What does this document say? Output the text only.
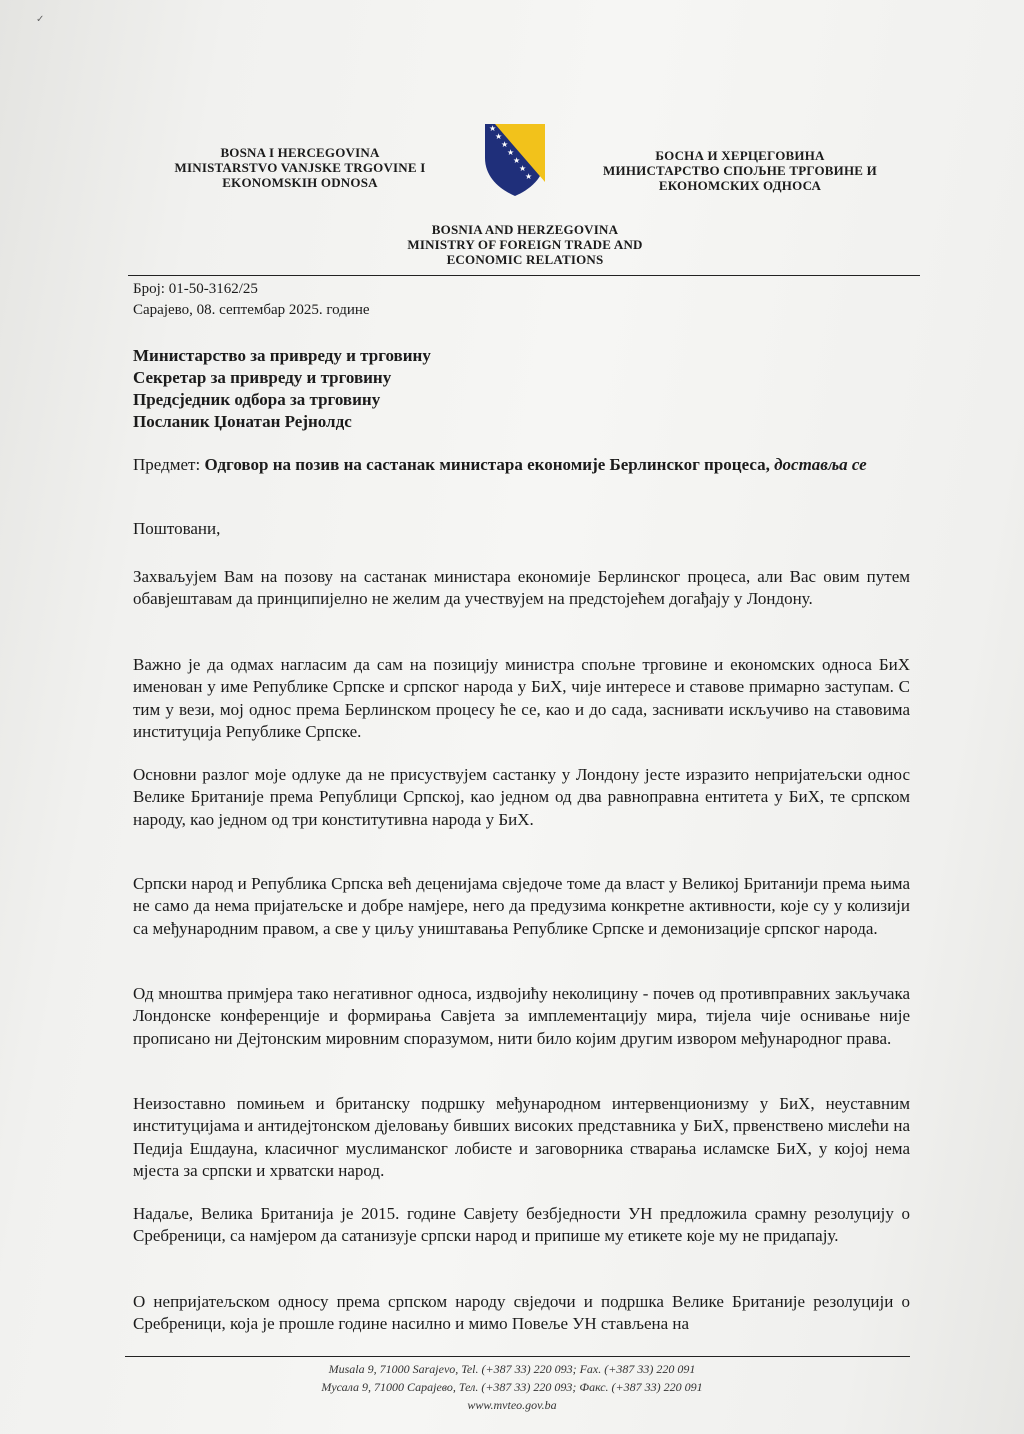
✓
BOSNA I HERCEGOVINA
MINISTARSTVO VANJSKE TRGOVINE I
EKONOMSKIH ODNOSA
★
★
★
★
★
★
★
БОСНА И ХЕРЦЕГОВИНА
МИНИСТАРСТВО СПОЉНЕ ТРГОВИНЕ И
ЕКОНОМСКИХ ОДНОСА
BOSNIA AND HERZEGOVINA
MINISTRY OF FOREIGN TRADE AND
ECONOMIC RELATIONS
Број: 01-50-3162/25
Сарајево, 08. септембар 2025. године
Министарство за привреду и трговину
Секретар за привреду и трговину
Предсједник одбора за трговину
Посланик Џонатан Рејнолдс
Предмет: Одговор на позив на састанак министара економије Берлинског процеса, доставља се
Поштовани,
Захваљујем Вам на позову на састанак министара економије Берлинског процеса, али Вас овим путем обавјештавам да принципијелно не желим да учествујем на предстојећем догађају у Лондону.
Важно је да одмах нагласим да сам на позицију министра спољне трговине и економских односа БиХ именован у име Републике Српске и српског народа у БиХ, чије интересе и ставове примарно заступам. С тим у вези, мој однос према Берлинском процесу ће се, као и до сада, заснивати искључиво на ставовима институција Републике Српске.
Основни разлог моје одлуке да не присуствујем састанку у Лондону јесте изразито непријатељски однос Велике Британије према Републици Српској, као једном од два равноправна ентитета у БиХ, те српском народу, као једном од три конститутивна народа у БиХ.
Српски народ и Република Српска већ деценијама свједоче томе да власт у Великој Британији према њима не само да нема пријатељске и добре намјере, него да предузима конкретне активности, које су у колизији са међународним правом, а све у циљу уништавања Републике Српске и демонизације српског народа.
Од мноштва примјера тако негативног односа, издвојићу неколицину - почев од противправних закључака Лондонске конференције и формирања Савјета за имплементацију мира, тијела чије оснивање није прописано ни Дејтонским мировним споразумом, нити било којим другим извором међународног права.
Неизоставно помињем и британску подршку међународном интервенционизму у БиХ, неуставним институцијама и антидејтонском дјеловању бивших високих представника у БиХ, првенствено мислећи на Педија Ешдауна, класичног муслиманског лобисте и заговорника стварања исламске БиХ, у којој нема мјеста за српски и хрватски народ.
Надаље, Велика Британија је 2015. године Савјету безбједности УН предложила срамну резолуцију о Сребреници, са намјером да сатанизује српски народ и припише му етикете које му не придапају.
О непријатељском односу према српском народу свједочи и подршка Велике Британије резолуцији о Сребреници, која је прошле године насилно и мимо Повеље УН стављена на
Musala 9, 71000 Sarajevo, Tel. (+387 33) 220 093; Fax. (+387 33) 220 091
Мусала 9, 71000 Сарајево, Тел. (+387 33) 220 093; Факс. (+387 33) 220 091
www.mvteo.gov.ba
